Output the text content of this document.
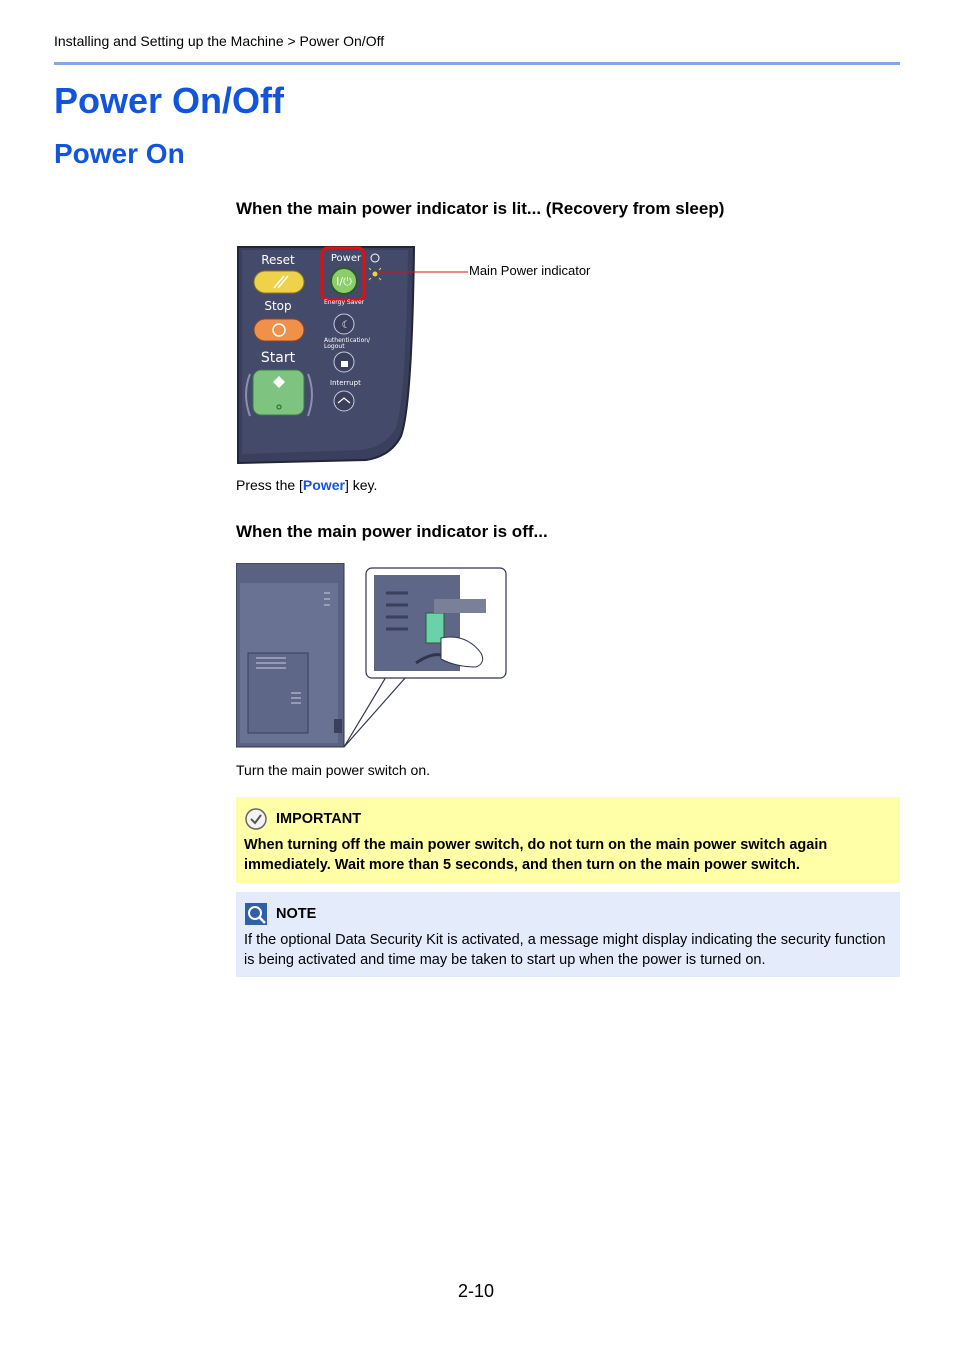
Installing and Setting up the Machine > Power On/Off
Power On/Off
Power On
When the main power indicator is lit... (Recovery from sleep)
Reset
Stop
Start
Power
I/⏻
Energy Saver
☾
Authentication/
Logout
Interrupt
Main Power indicator
Press the [Power] key.
When the main power indicator is off...
Turn the main power switch on.
IMPORTANT
When turning off the main power switch, do not turn on the main power switch again immediately. Wait more than 5 seconds, and then turn on the main power switch.
NOTE
If the optional Data Security Kit is activated, a message might display indicating the security function is being activated and time may be taken to start up when the power is turned on.
2-10
